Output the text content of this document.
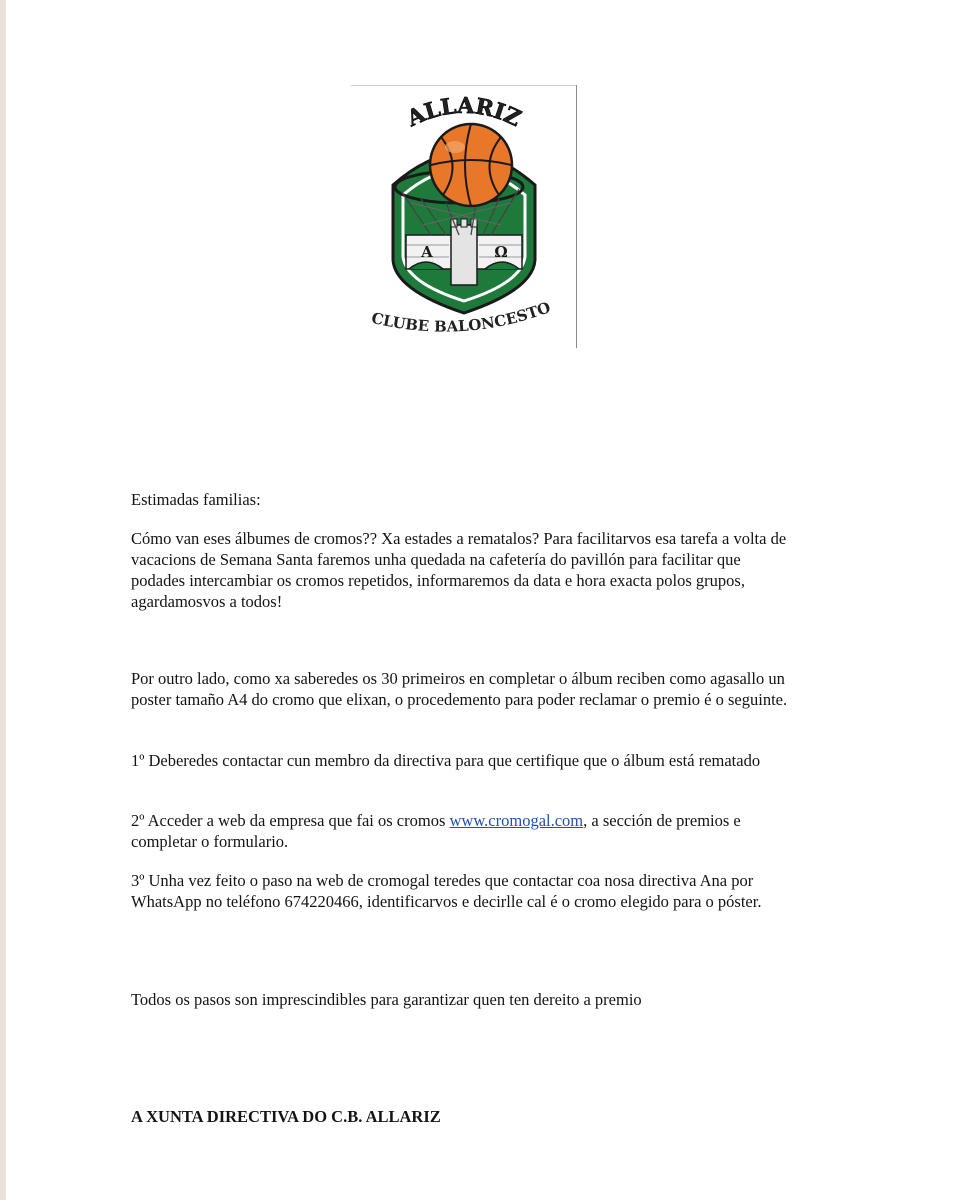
A	Ω
ALLARIZ
CLUBE BALONCESTO

Estimadas familias:

Cómo van eses álbumes de cromos?? Xa estades a rematalos? Para facilitarvos esa tarefa a volta de vacacions de Semana Santa faremos unha quedada na cafetería do pavillón para facilitar que podades intercambiar os cromos repetidos, informaremos da data e hora exacta polos grupos, agardamosvos a todos!

Por outro lado, como xa saberedes os 30 primeiros en completar o álbum reciben como agasallo un poster tamaño A4 do cromo que elixan, o procedemento para poder reclamar o premio é o seguinte.

1º Deberedes contactar cun membro da directiva para que certifique que o álbum está rematado

2º Acceder a web da empresa que fai os cromos www.cromogal.com, a sección de premios e completar o formulario.

3º Unha vez feito o paso na web de cromogal teredes que contactar coa nosa directiva Ana por WhatsApp no teléfono 674220466, identificarvos e decirlle cal é o cromo elegido para o póster.

Todos os pasos son imprescindibles para garantizar quen ten dereito a premio

A XUNTA DIRECTIVA DO C.B. ALLARIZ
